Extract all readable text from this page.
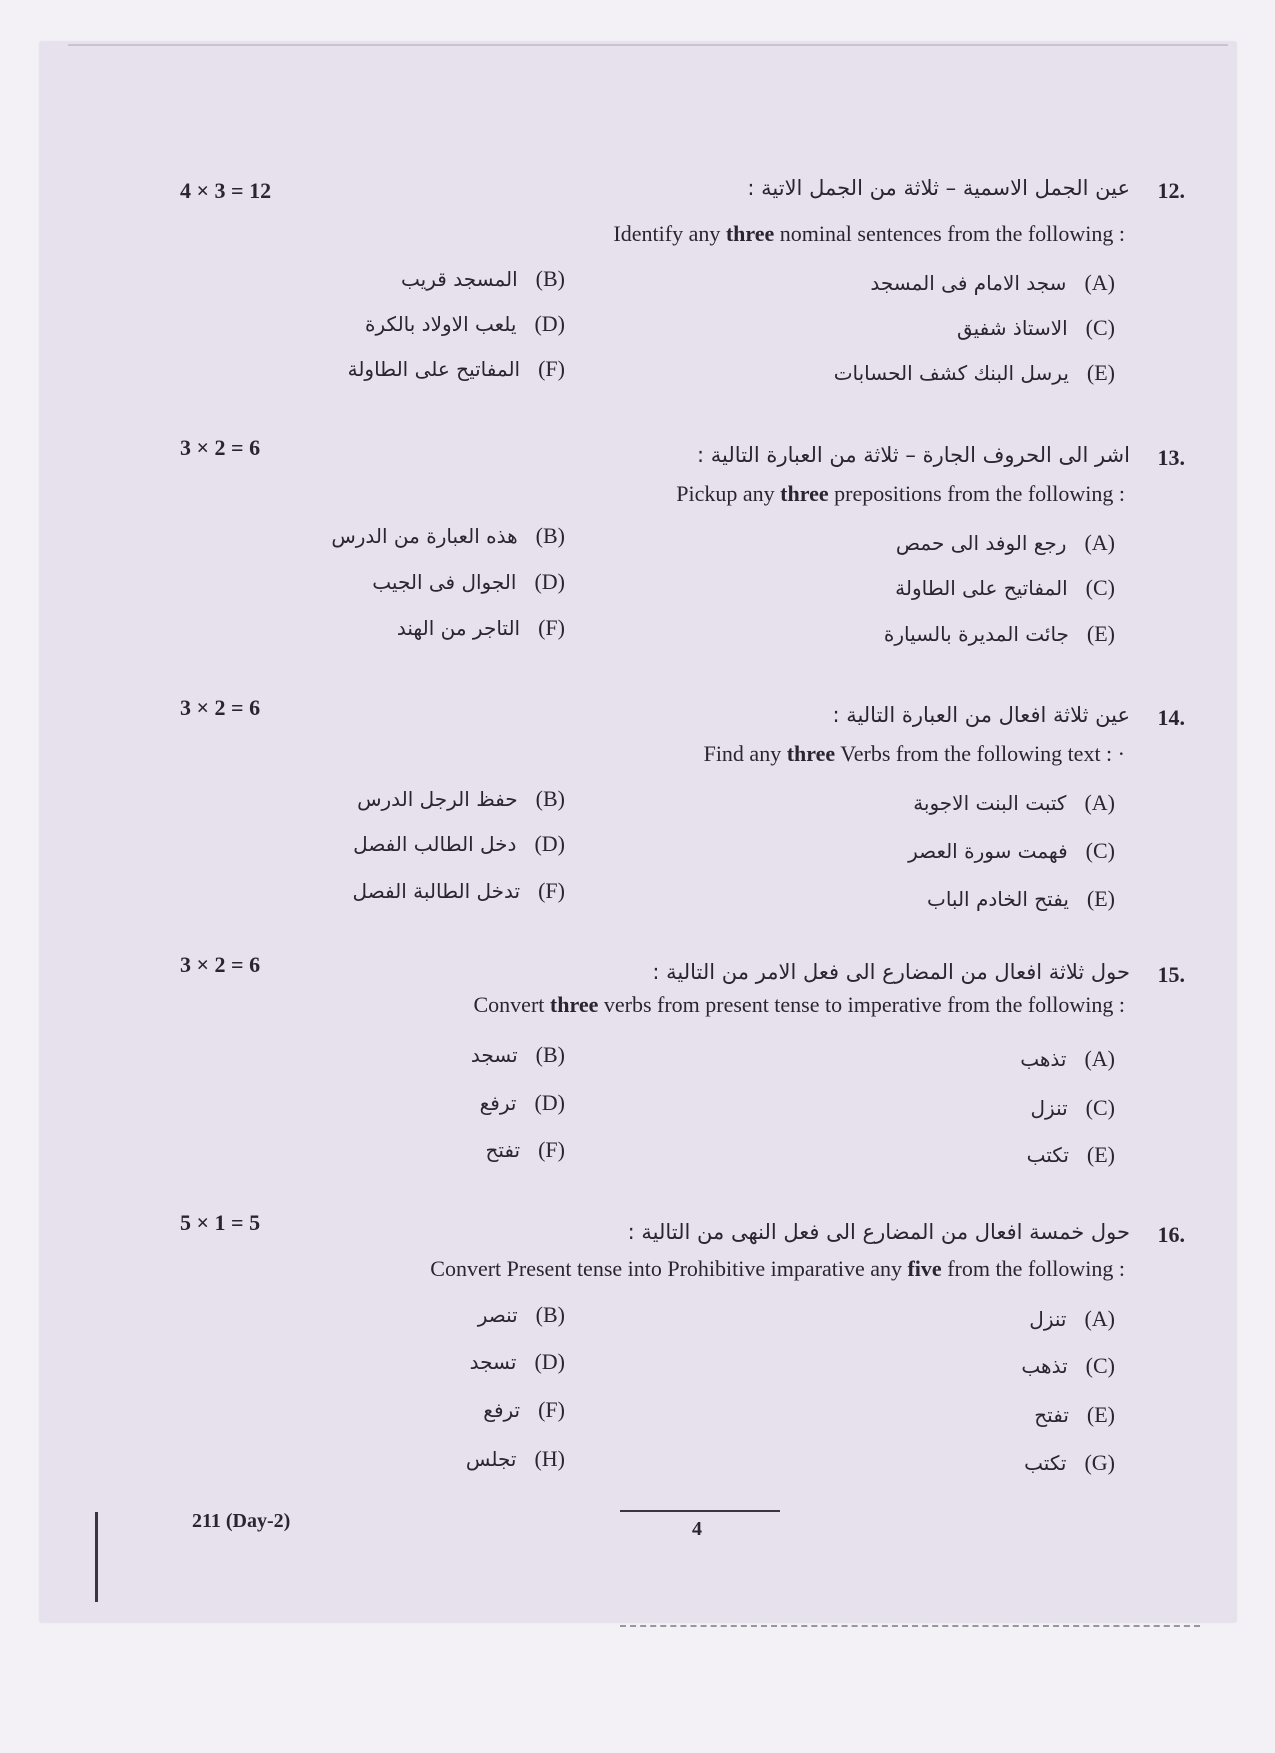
4 × 3 = 12	12.
عين الجمل الاسمية – ثلاثة من الجمل الاتية :
Identify any three nominal sentences from the following :
(A)سجد الامام فى المسجد
(B)المسجد قريب
(C)الاستاذ شفيق
(D)يلعب الاولاد بالكرة
(E)يرسل البنك كشف الحسابات
(F)المفاتيح على الطاولة
3 × 2 = 6	13.
اشر الى الحروف الجارة – ثلاثة من العبارة التالية :
Pickup any three prepositions from the following :
(A)رجع الوفد الى حمص
(B)هذه العبارة من الدرس
(C)المفاتيح على الطاولة
(D)الجوال فى الجيب
(E)جائت المديرة بالسيارة
(F)التاجر من الهند
3 × 2 = 6	14.
عين ثلاثة افعال من العبارة التالية :
Find any three Verbs from the following text : ·
(A)كتبت البنت الاجوبة
(B)حفظ الرجل الدرس
(C)فهمت سورة العصر
(D)دخل الطالب الفصل
(E)يفتح الخادم الباب
(F)تدخل الطالبة الفصل
3 × 2 = 6	15.
حول ثلاثة افعال من المضارع الى فعل الامر من التالية :
Convert three verbs from present tense to imperative from the following :
(A)تذهب
(B)تسجد
(C)تنزل
(D)ترفع
(E)تكتب
(F)تفتح
5 × 1 = 5	16.
حول خمسة افعال من المضارع الى فعل النهى من التالية :
Convert Present tense into Prohibitive imparative any five from the following :
(A)تنزل
(B)تنصر
(C)تذهب
(D)تسجد
(E)تفتح
(F)ترفع
(G)تكتب
(H)تجلس
211 (Day-2)	4
